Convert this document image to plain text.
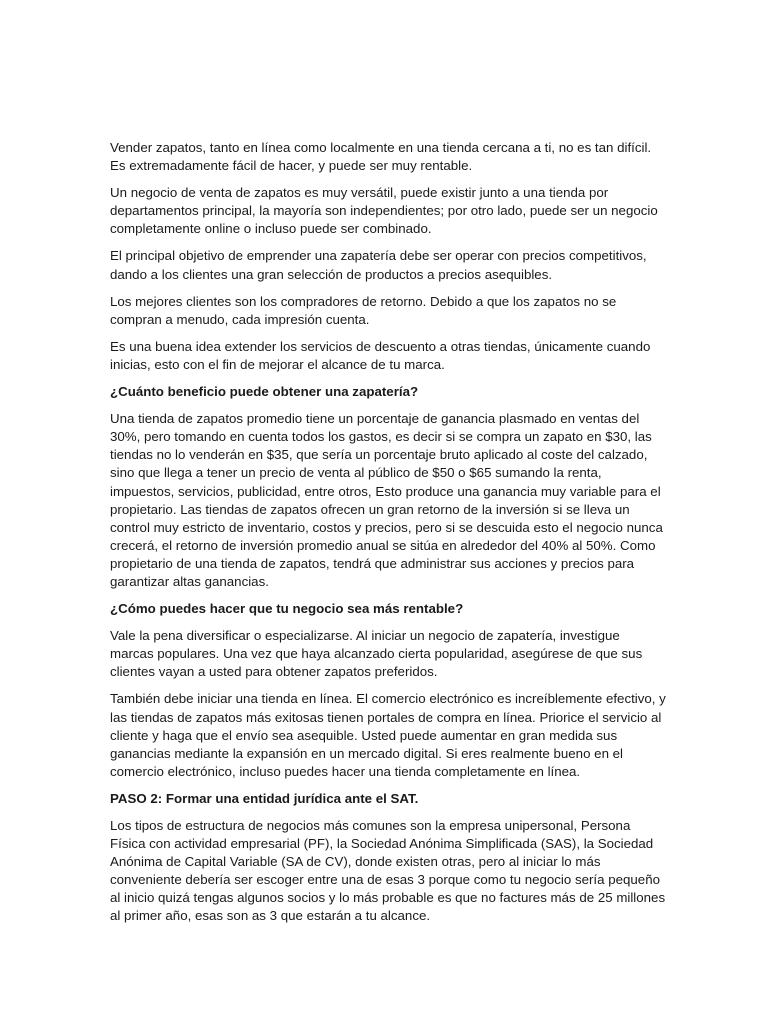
Vender zapatos, tanto en línea como localmente en una tienda cercana a ti, no es tan difícil. Es extremadamente fácil de hacer, y puede ser muy rentable.

Un negocio de venta de zapatos es muy versátil, puede existir junto a una tienda por departamentos principal, la mayoría son independientes; por otro lado, puede ser un negocio completamente online o incluso puede ser combinado.

El principal objetivo de emprender una zapatería debe ser operar con precios competitivos, dando a los clientes una gran selección de productos a precios asequibles.

Los mejores clientes son los compradores de retorno. Debido a que los zapatos no se compran a menudo, cada impresión cuenta.

Es una buena idea extender los servicios de descuento a otras tiendas, únicamente cuando inicias, esto con el fin de mejorar el alcance de tu marca.

¿Cuánto beneficio puede obtener una zapatería?

Una tienda de zapatos promedio tiene un porcentaje de ganancia plasmado en ventas del 30%, pero tomando en cuenta todos los gastos, es decir si se compra un zapato en $30, las tiendas no lo venderán en $35, que sería un porcentaje bruto aplicado al coste del calzado, sino que llega a tener un precio de venta al público de $50 o $65 sumando la renta, impuestos, servicios, publicidad, entre otros, Esto produce una ganancia muy variable para el propietario. Las tiendas de zapatos ofrecen un gran retorno de la inversión si se lleva un control muy estricto de inventario, costos y precios, pero si se descuida esto el negocio nunca crecerá, el retorno de inversión promedio anual se sitúa en alrededor del 40% al 50%. Como propietario de una tienda de zapatos, tendrá que administrar sus acciones y precios para garantizar altas ganancias.

¿Cómo puedes hacer que tu negocio sea más rentable?

Vale la pena diversificar o especializarse. Al iniciar un negocio de zapatería, investigue marcas populares. Una vez que haya alcanzado cierta popularidad, asegúrese de que sus clientes vayan a usted para obtener zapatos preferidos.

También debe iniciar una tienda en línea. El comercio electrónico es increíblemente efectivo, y las tiendas de zapatos más exitosas tienen portales de compra en línea. Priorice el servicio al cliente y haga que el envío sea asequible. Usted puede aumentar en gran medida sus ganancias mediante la expansión en un mercado digital. Si eres realmente bueno en el comercio electrónico, incluso puedes hacer una tienda completamente en línea.

PASO 2: Formar una entidad jurídica ante el SAT.

Los tipos de estructura de negocios más comunes son la empresa unipersonal, Persona Física con actividad empresarial (PF), la Sociedad Anónima Simplificada (SAS), la Sociedad Anónima de Capital Variable (SA de CV), donde existen otras, pero al iniciar lo más conveniente debería ser escoger entre una de esas 3 porque como tu negocio sería pequeño al inicio quizá tengas algunos socios y lo más probable es que no factures más de 25 millones al primer año, esas son as 3 que estarán a tu alcance.
